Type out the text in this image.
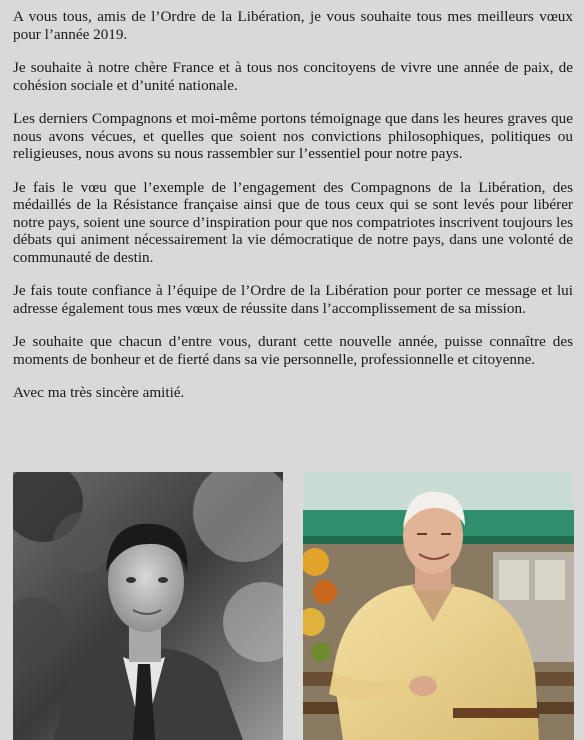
A vous tous, amis de l’Ordre de la Libération, je vous souhaite tous mes meilleurs vœux pour l’année 2019.

Je souhaite à notre chère France et à tous nos concitoyens de vivre une année de paix, de cohésion sociale et d’unité nationale.

Les derniers Compagnons et moi-même portons témoignage que dans les heures graves que nous avons vécues, et quelles que soient nos convictions philosophiques, politiques ou religieuses, nous avons su nous rassembler sur l’essentiel pour notre pays.

Je fais le vœu que l’exemple de l’engagement des Compagnons de la Libération, des médaillés de la Résistance française ainsi que de tous ceux qui se sont levés pour libérer notre pays, soient une source d’inspiration pour que nos compatriotes inscrivent toujours les débats qui animent nécessairement la vie démocratique de notre pays, dans une volonté de communauté de destin.

Je fais toute confiance à l’équipe de l’Ordre de la Libération pour porter ce message et lui adresse également tous mes vœux de réussite dans l’accomplissement de sa mission.

Je souhaite que chacun d’entre vous, durant cette nouvelle année, puisse connaître des moments de bonheur et de fierté dans sa vie personnelle, professionnelle et citoyenne.

Avec ma très sincère amitié.
